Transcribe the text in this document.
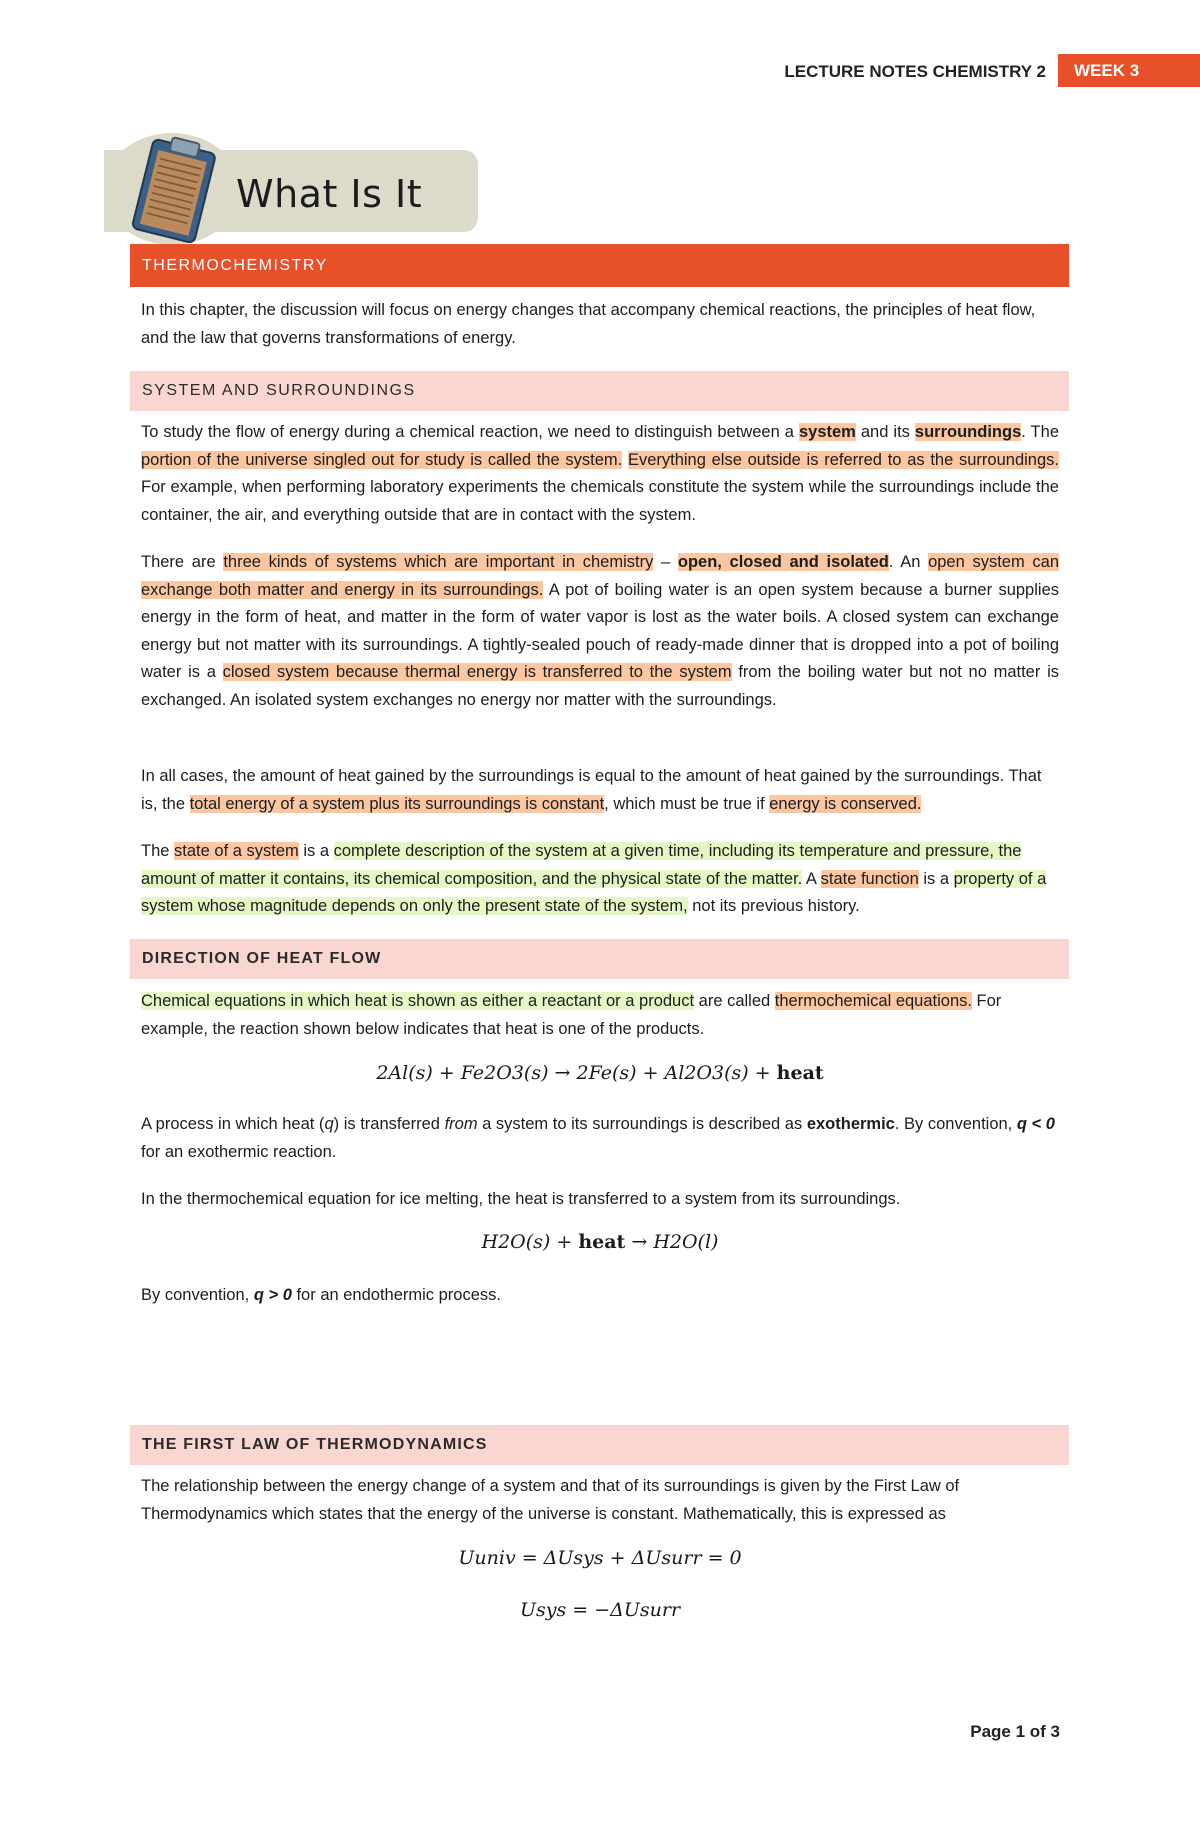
LECTURE NOTES CHEMISTRY 2	WEEK 3
What Is It
THERMOCHEMISTRY
In this chapter, the discussion will focus on energy changes that accompany chemical reactions, the principles of heat flow, and the law that governs transformations of energy.
SYSTEM AND SURROUNDINGS
To study the flow of energy during a chemical reaction, we need to distinguish between a system and its surroundings. The portion of the universe singled out for study is called the system. Everything else outside is referred to as the surroundings. For example, when performing laboratory experiments the chemicals constitute the system while the surroundings include the container, the air, and everything outside that are in contact with the system.
There are three kinds of systems which are important in chemistry – open, closed and isolated. An open system can exchange both matter and energy in its surroundings. A pot of boiling water is an open system because a burner supplies energy in the form of heat, and matter in the form of water vapor is lost as the water boils. A closed system can exchange energy but not matter with its surroundings. A tightly-sealed pouch of ready-made dinner that is dropped into a pot of boiling water is a closed system because thermal energy is transferred to the system from the boiling water but not no matter is exchanged. An isolated system exchanges no energy nor matter with the surroundings.
In all cases, the amount of heat gained by the surroundings is equal to the amount of heat gained by the surroundings. That is, the total energy of a system plus its surroundings is constant, which must be true if energy is conserved.
The state of a system is a complete description of the system at a given time, including its temperature and pressure, the amount of matter it contains, its chemical composition, and the physical state of the matter. A state function is a property of a system whose magnitude depends on only the present state of the system, not its previous history.
DIRECTION OF HEAT FLOW
Chemical equations in which heat is shown as either a reactant or a product are called thermochemical equations. For example, the reaction shown below indicates that heat is one of the products.
2Al(s) + Fe2O3(s) → 2Fe(s) + Al2O3(s) + heat
A process in which heat (q) is transferred from a system to its surroundings is described as exothermic. By convention, q < 0 for an exothermic reaction.
In the thermochemical equation for ice melting, the heat is transferred to a system from its surroundings.
H2O(s) + heat → H2O(l)
By convention, q > 0 for an endothermic process.
THE FIRST LAW OF THERMODYNAMICS
The relationship between the energy change of a system and that of its surroundings is given by the First Law of Thermodynamics which states that the energy of the universe is constant. Mathematically, this is expressed as
Uuniv = ΔUsys + ΔUsurr = 0
Usys = −ΔUsurr
Page 1 of 3
